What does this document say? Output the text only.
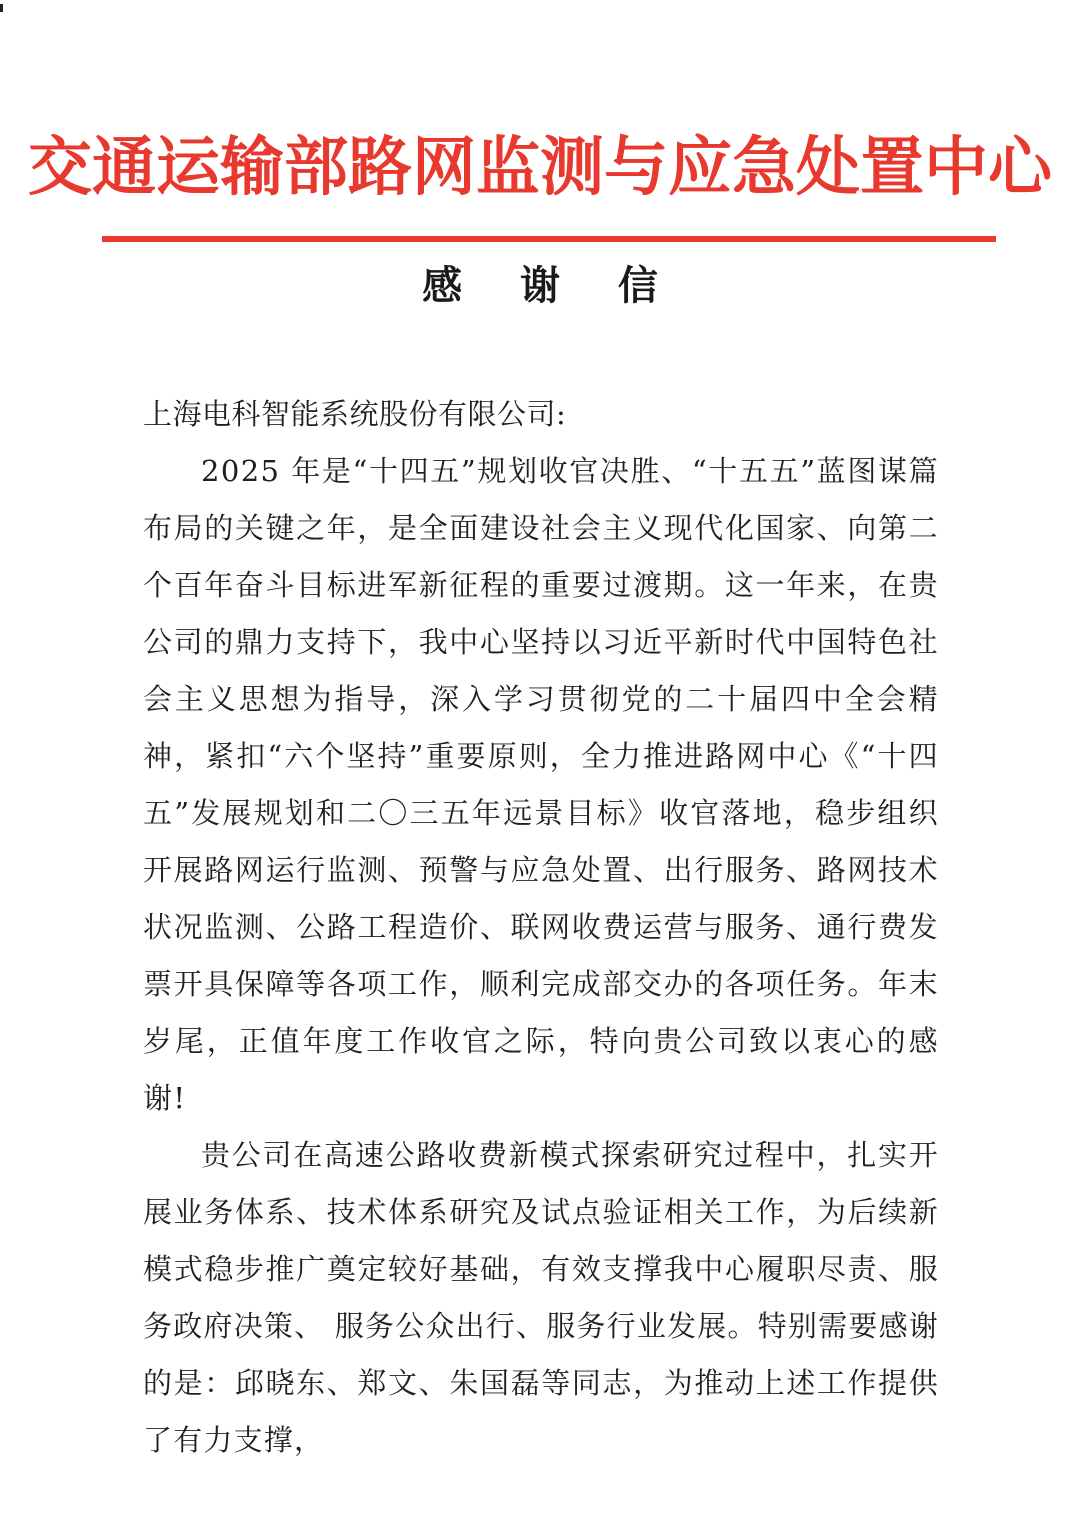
交通运输部路网监测与应急处置中心
感 谢 信

上海电科智能系统股份有限公司:

2025 年是“十四五”规划收官决胜、“十五五”蓝图谋篇布局的关键之年，是全面建设社会主义现代化国家、向第二个百年奋斗目标进军新征程的重要过渡期。这一年来，在贵公司的鼎力支持下，我中心坚持以习近平新时代中国特色社会主义思想为指导，深入学习贯彻党的二十届四中全会精神，紧扣“六个坚持”重要原则，全力推进路网中心《“十四五”发展规划和二〇三五年远景目标》收官落地，稳步组织开展路网运行监测、预警与应急处置、出行服务、路网技术状况监测、公路工程造价、联网收费运营与服务、通行费发票开具保障等各项工作，顺利完成部交办的各项任务。年末岁尾，正值年度工作收官之际，特向贵公司致以衷心的感谢!

贵公司在高速公路收费新模式探索研究过程中，扎实开展业务体系、技术体系研究及试点验证相关工作，为后续新模式稳步推广奠定较好基础，有效支撑我中心履职尽责、服务政府决策、 服务公众出行、服务行业发展。特别需要感谢的是：邱晓东、郑文、朱国磊等同志，为推动上述工作提供了有力支撑，
